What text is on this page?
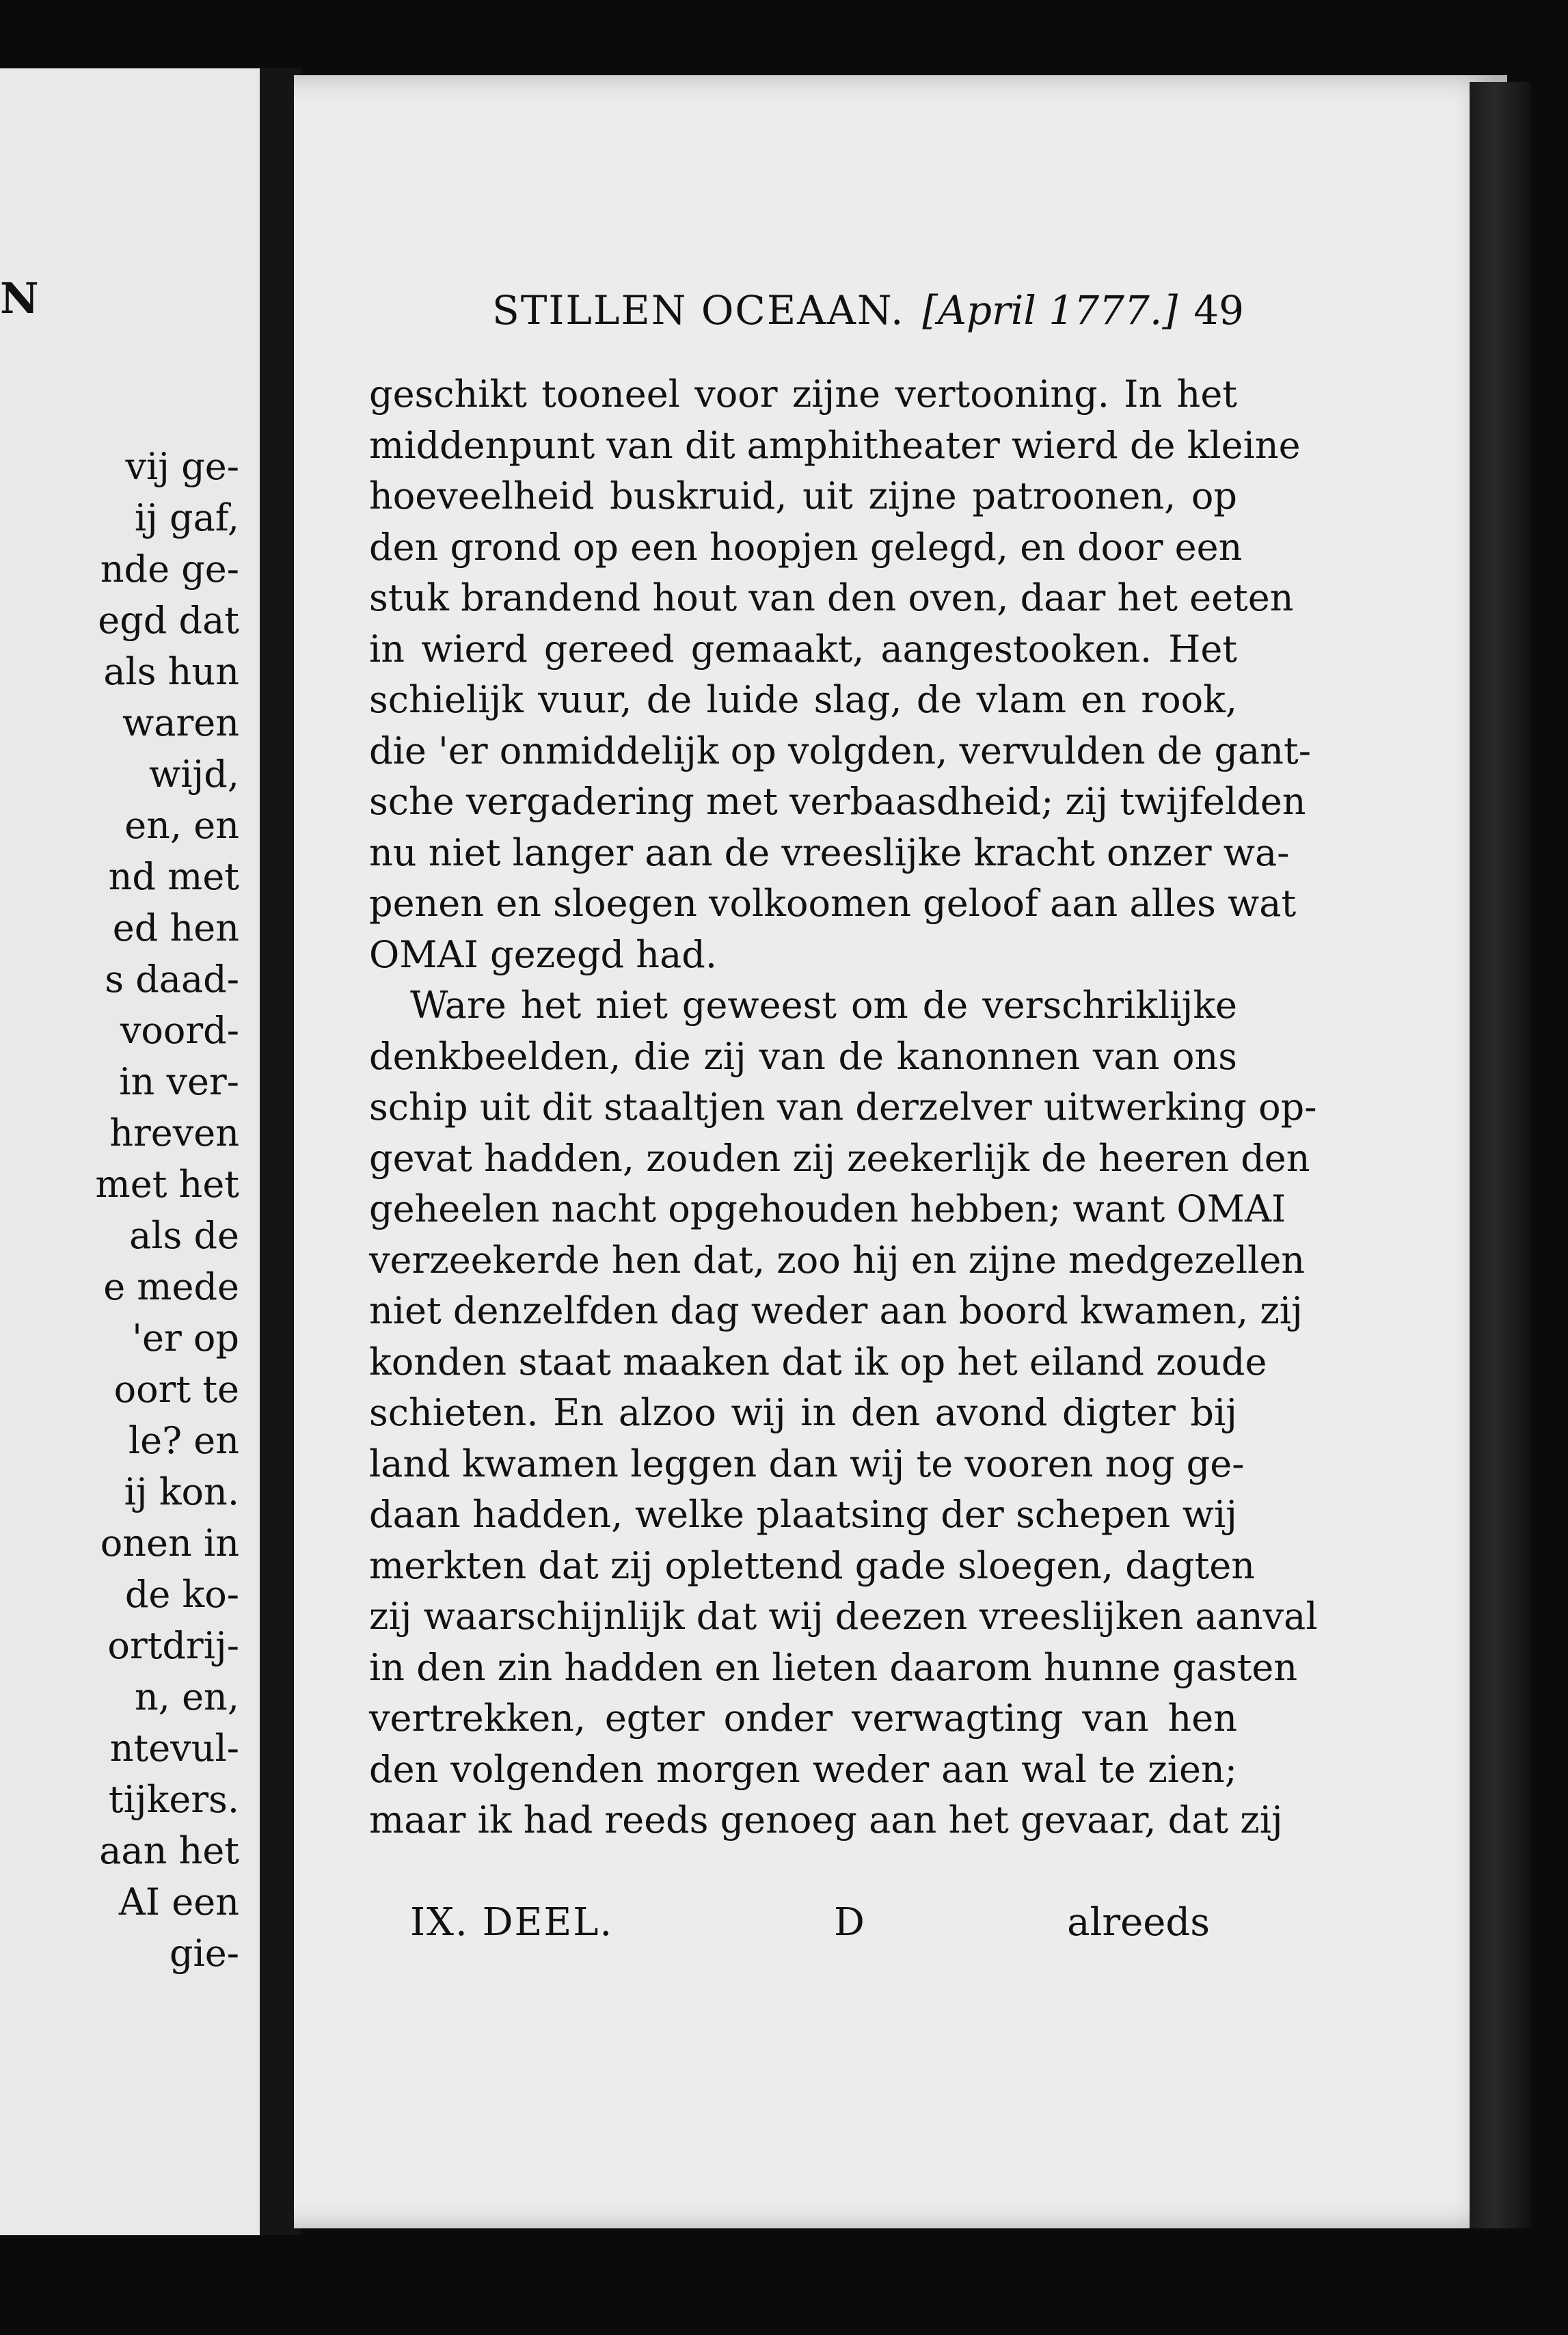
N
vij ge-
ij gaf,
nde ge-
egd dat
als hun
waren
wijd,
en, en
nd met
ed hen
s daad-
voord-
in ver-
hreven
met het
als de
e mede
'er op
oort te
le? en
ij kon.
onen in
de ko-
ortdrij-
n, en,
ntevul-
tijkers.
aan het
AI een
gie-
STILLEN OCEAAN. [April 1777.] 49
geschikt tooneel voor zijne vertooning. In het
middenpunt van dit amphitheater wierd de kleine
hoeveelheid buskruid, uit zijne patroonen, op
den grond op een hoopjen gelegd, en door een
stuk brandend hout van den oven, daar het eeten
in wierd gereed gemaakt, aangestooken. Het
schielijk vuur, de luide slag, de vlam en rook,
die 'er onmiddelijk op volgden, vervulden de gant-
sche vergadering met verbaasdheid; zij twijfelden
nu niet langer aan de vreeslijke kracht onzer wa-
penen en sloegen volkoomen geloof aan alles wat
OMAI gezegd had.
Ware het niet geweest om de verschriklijke
denkbeelden, die zij van de kanonnen van ons
schip uit dit staaltjen van derzelver uitwerking op-
gevat hadden, zouden zij zeekerlijk de heeren den
geheelen nacht opgehouden hebben; want OMAI
verzeekerde hen dat, zoo hij en zijne medgezellen
niet denzelfden dag weder aan boord kwamen, zij
konden staat maaken dat ik op het eiland zoude
schieten. En alzoo wij in den avond digter bij
land kwamen leggen dan wij te vooren nog ge-
daan hadden, welke plaatsing der schepen wij
merkten dat zij oplettend gade sloegen, dagten
zij waarschijnlijk dat wij deezen vreeslijken aanval
in den zin hadden en lieten daarom hunne gasten
vertrekken, egter onder verwagting van hen
den volgenden morgen weder aan wal te zien;
maar ik had reeds genoeg aan het gevaar, dat zij
IX. DEEL.	D	alreeds
